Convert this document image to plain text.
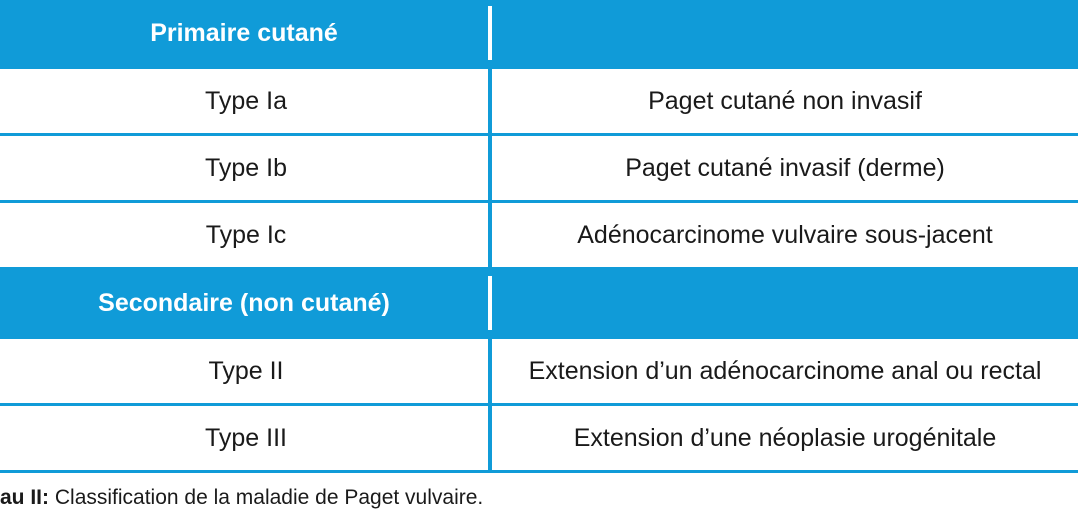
Primaire cutané

Type Ia	Paget cutané non invasif
Type Ib	Paget cutané invasif (derme)
Type Ic	Adénocarcinome vulvaire sous-jacent
Secondaire (non cutané)

Type II	Extension d’un adénocarcinome anal ou rectal
Type III	Extension d’une néoplasie urogénitale
au II: Classification de la maladie de Paget vulvaire.
